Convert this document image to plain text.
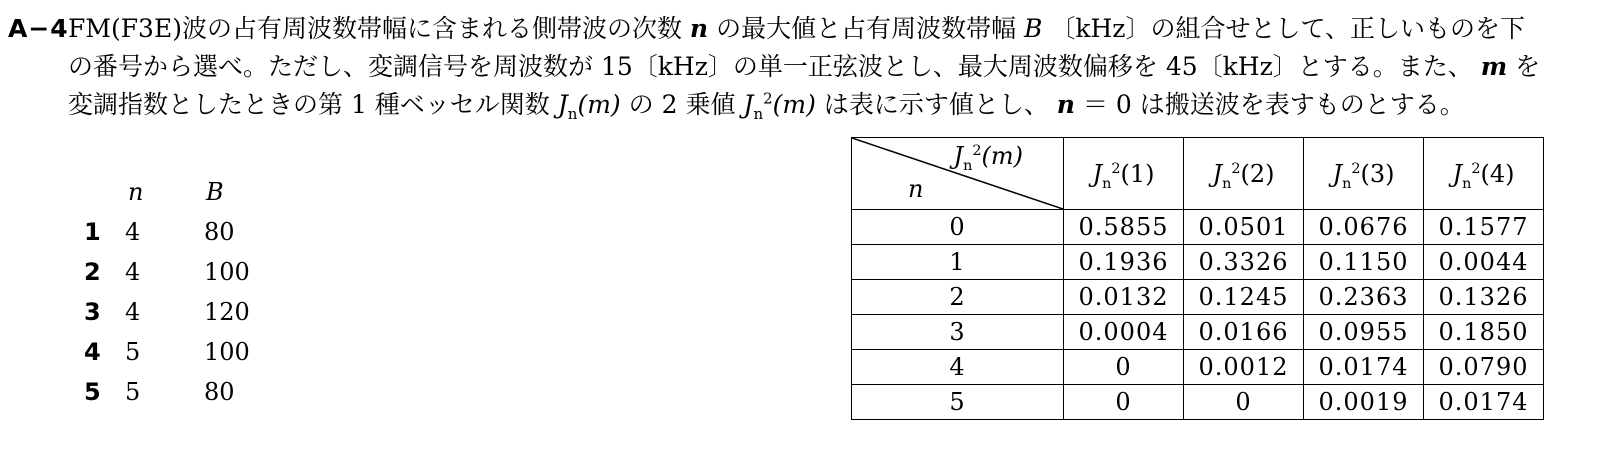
A−4 FM(F3E)波の占有周波数帯幅に含まれる側帯波の次数 n の最大値と占有周波数帯幅 B 〔kHz〕の組合せとして、正しいものを下
の番号から選べ。ただし、変調信号を周波数が 15〔kHz〕の単一正弦波とし、最大周波数偏移を 45〔kHz〕とする。また、 m を
変調指数としたときの第 1 種ベッセル関数 $J_n(m)$ の 2 乗値 $J_n^2(m)$ は表に示す値とし、 n ＝ 0 は搬送波を表すものとする。
n	B
1 4	80
2 4	100
3 4	120
4 5	100
5 5	80
$J_n^2(m)$
n	$J_n^2(1)$	$J_n^2(2)$	$J_n^2(3)$	$J_n^2(4)$
0	0.5855	0.0501	0.0676	0.1577
1	0.1936	0.3326	0.1150	0.0044
2	0.0132	0.1245	0.2363	0.1326
3	0.0004	0.0166	0.0955	0.1850
4	0	0.0012	0.0174	0.0790
5	0	0	0.0019	0.0174
